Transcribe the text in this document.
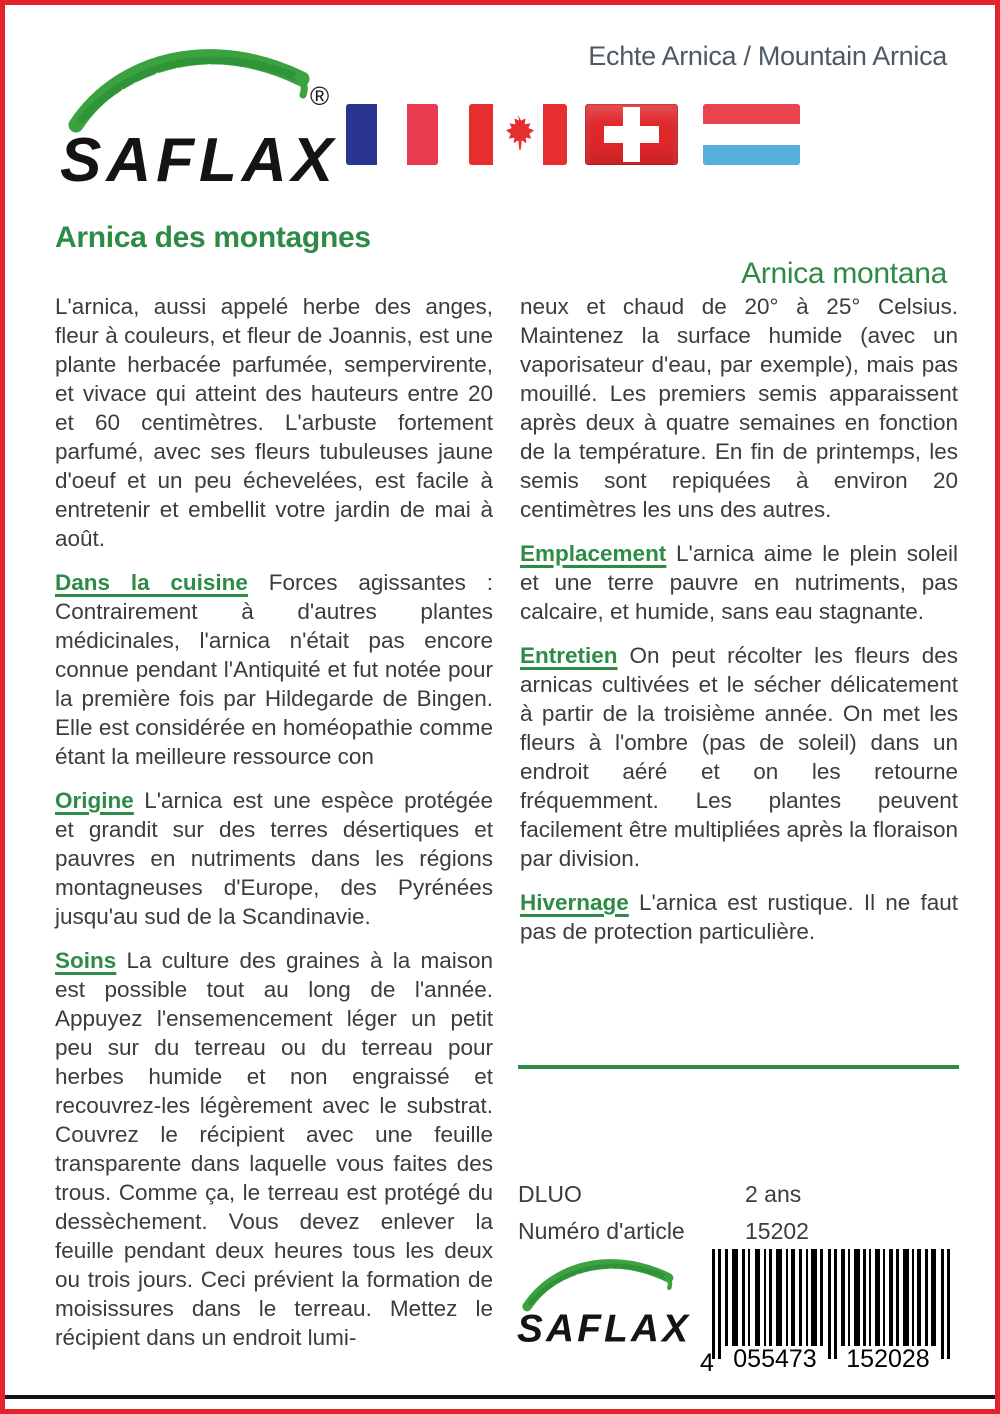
®
Echte Arnica / Mountain Arnica
Arnica des montagnes
Arnica montana

L'arnica, aussi appelé herbe des anges, fleur à couleurs, et fleur de Joannis, est une plante herbacée parfumée, sempervirente, et vivace qui atteint des hauteurs entre 20 et 60 centimètres. L'arbuste fortement parfumé, avec ses fleurs tubuleuses jaune d'oeuf et un peu échevelées, est facile à entretenir et embellit votre jardin de mai à août.

Dans la cuisine Forces agissantes : Contrairement à d'autres plantes médicinales, l'arnica n'était pas encore connue pendant l'Antiquité et fut notée pour la première fois par Hildegarde de Bingen. Elle est considérée en homéopathie comme étant la meilleure ressource con

Origine L'arnica est une espèce protégée et grandit sur des terres désertiques et pauvres en nutriments dans les régions montagneuses d'Europe, des Pyrénées jusqu'au sud de la Scandinavie.

Soins La culture des graines à la maison est possible tout au long de l'année. Appuyez l'ensemencement léger un petit peu sur du terreau ou du terreau pour herbes humide et non engraissé et recouvrez-les légèrement avec le substrat. Couvrez le récipient avec une feuille transparente dans laquelle vous faites des trous. Comme ça, le terreau est protégé du dessèchement. Vous devez enlever la feuille pendant deux heures tous les deux ou trois jours. Ceci prévient la formation de moisissures dans le terreau. Mettez le récipient dans un endroit lumi-

neux et chaud de 20° à 25° Celsius. Maintenez la surface humide (avec un vaporisateur d'eau, par exemple), mais pas mouillé. Les premiers semis apparaissent après deux à quatre semaines en fonction de la température. En fin de printemps, les semis sont repiquées à environ 20 centimètres les uns des autres.

Emplacement L'arnica aime le plein soleil et une terre pauvre en nutriments, pas calcaire, et humide, sans eau stagnante.

Entretien On peut récolter les fleurs des arnicas cultivées et le sécher délicatement à partir de la troisième année. On met les fleurs à l'ombre (pas de soleil) dans un endroit aéré et on les retourne fréquemment. Les plantes peuvent facilement être multipliées après la floraison par division.

Hivernage L'arnica est rustique. Il ne faut pas de protection particulière.

DLUO	2 ans
Numéro d'article	15202
4 055473 152028
